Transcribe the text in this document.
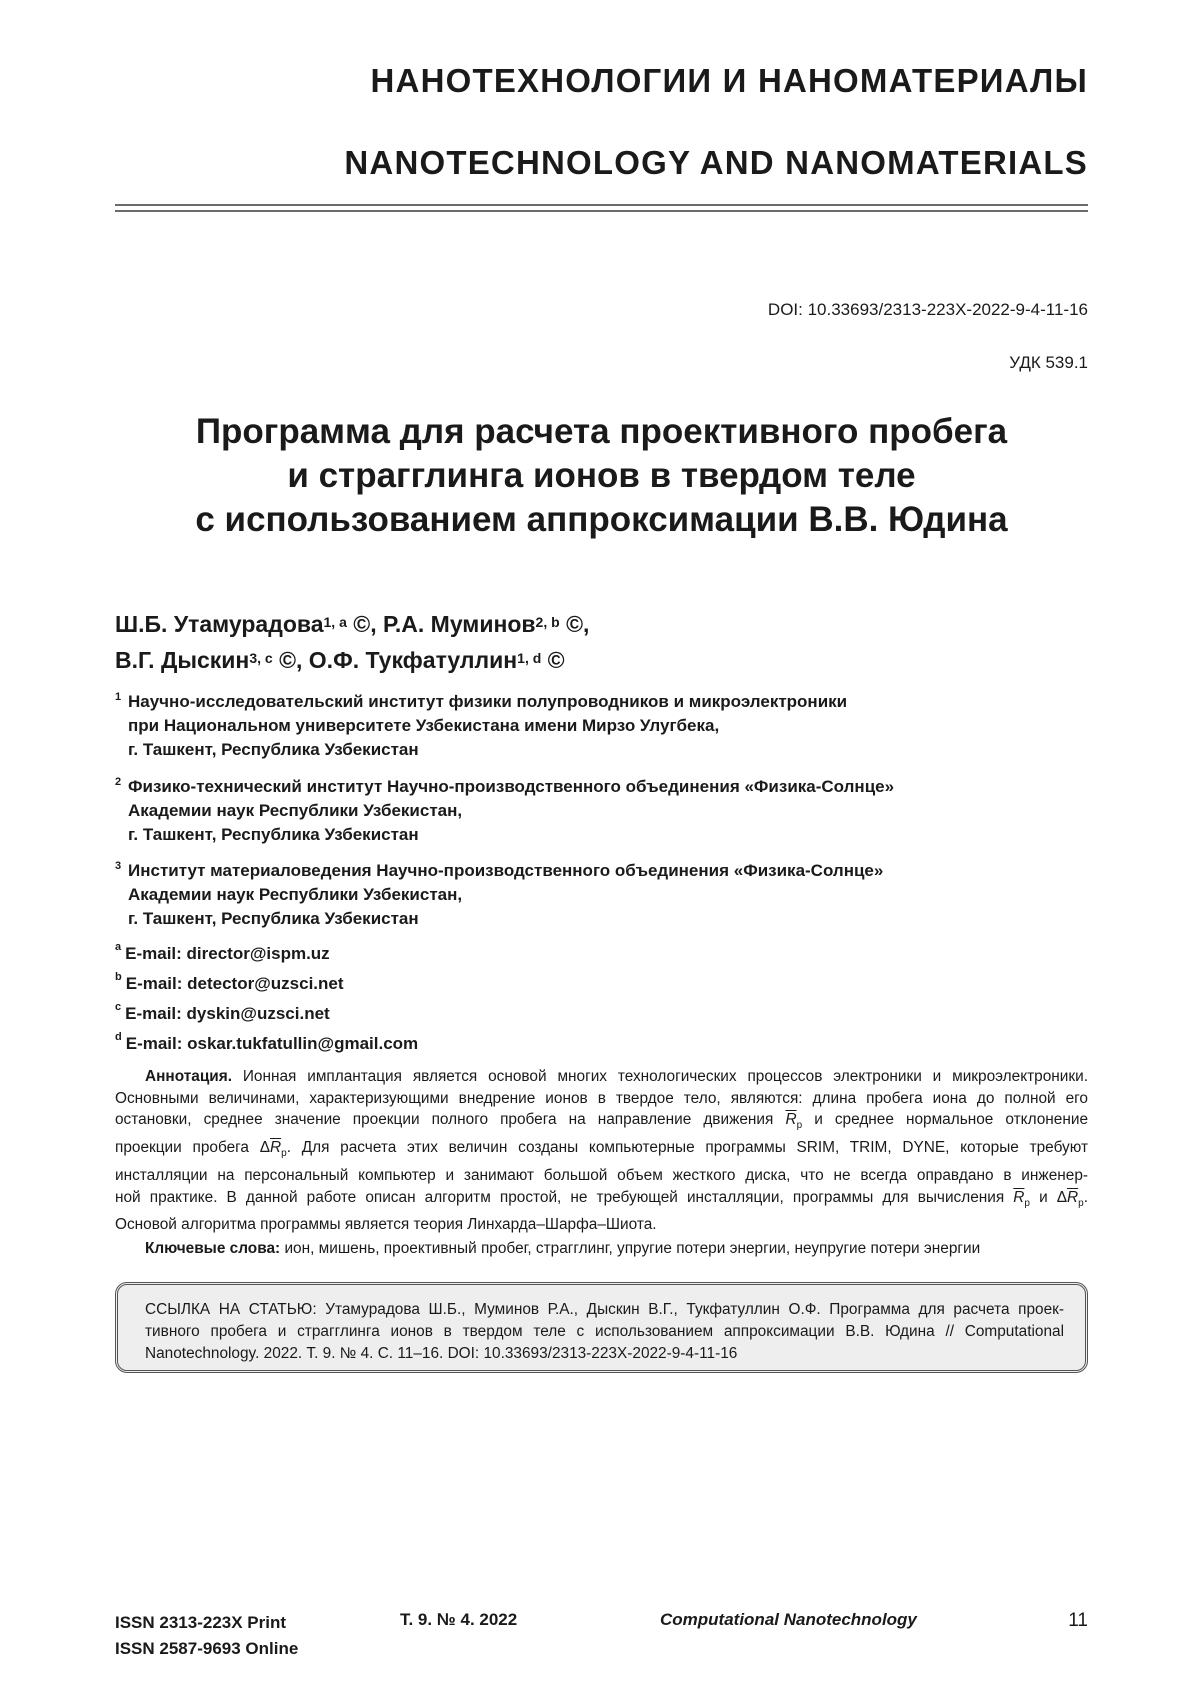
НАНОТЕХНОЛОГИИ И НАНОМАТЕРИАЛЫ
NANOTECHNOLOGY AND NANOMATERIALS
DOI: 10.33693/2313-223X-2022-9-4-11-16
УДК 539.1
Программа для расчета проективного пробега
и страгглинга ионов в твердом теле
с использованием аппроксимации В.В. Юдина
Ш.Б. Утамурадова$^{1, a}$ ©, Р.А. Муминов$^{2, b}$ ©,
В.Г. Дыскин$^{3, c}$ ©, О.Ф. Тукфатуллин$^{1, d}$ ©
1 Научно-исследовательский институт физики полупроводников и микроэлектроники
при Национальном университете Узбекистана имени Мирзо Улугбека,
г. Ташкент, Республика Узбекистан
2 Физико-технический институт Научно-производственного объединения «Физика-Солнце»
Академии наук Республики Узбекистан,
г. Ташкент, Республика Узбекистан
3 Институт материаловедения Научно-производственного объединения «Физика-Солнце»
Академии наук Республики Узбекистан,
г. Ташкент, Республика Узбекистан
$^a$ E-mail: director@ispm.uz
$^b$ E-mail: detector@uzsci.net
$^c$ E-mail: dyskin@uzsci.net
$^d$ E-mail: oskar.tukfatullin@gmail.com
Аннотация. Ионная имплантация является основой многих технологических процессов электроники и микроэлектроники.
Основными величинами, характеризующими внедрение ионов в твердое тело, являются: длина пробега иона до полной его
остановки, среднее значение проекции полного пробега на направление движения $\overline{R}_p$ и среднее нормальное отклонение
проекции пробега $\Delta\overline{R}_p$. Для расчета этих величин созданы компьютерные программы SRIM, TRIM, DYNE, которые требуют
инсталляции на персональный компьютер и занимают большой объем жесткого диска, что не всегда оправдано в инженер-
ной практике. В данной работе описан алгоритм простой, не требующей инсталляции, программы для вычисления $\overline{R}_p$ и $\Delta\overline{R}_p$.
Основой алгоритма программы является теория Линхарда–Шарфа–Шиота.
Ключевые слова: ион, мишень, проективный пробег, страгглинг, упругие потери энергии, неупругие потери энергии
ССЫЛКА НА СТАТЬЮ: Утамурадова Ш.Б., Муминов Р.А., Дыскин В.Г., Тукфатуллин О.Ф. Программа для расчета проек-
тивного пробега и страгглинга ионов в твердом теле с использованием аппроксимации В.В. Юдина // Computational
Nanotechnology. 2022. Т. 9. № 4. С. 11–16. DOI: 10.33693/2313-223X-2022-9-4-11-16
ISSN 2313-223X Print
ISSN 2587-9693 Online
Т. 9. № 4. 2022	Computational Nanotechnology	11
